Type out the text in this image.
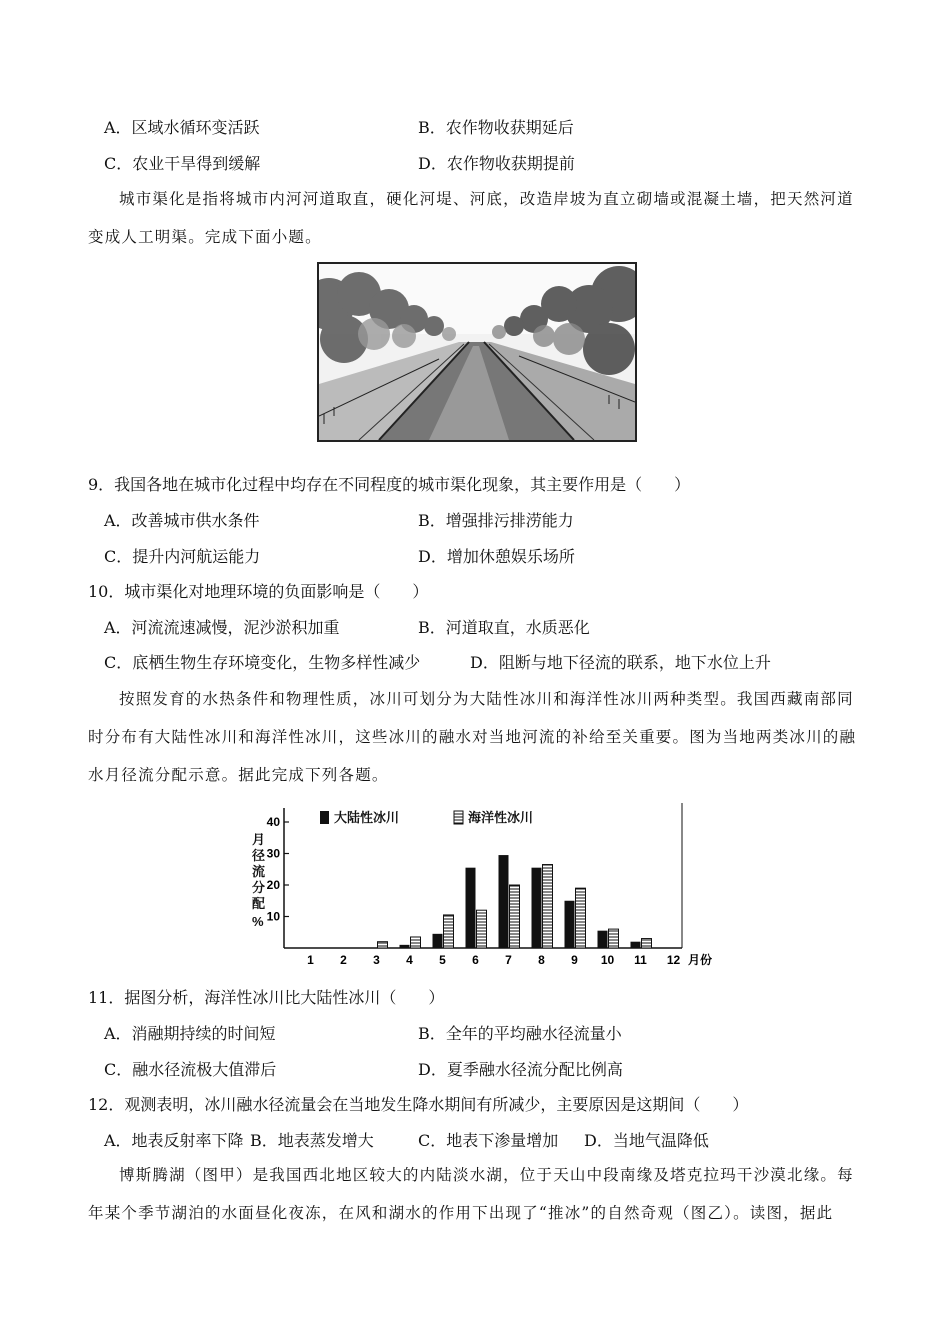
A．区域水循环变活跃	B．农作物收获期延后
C．农业干旱得到缓解	D．农作物收获期提前

城市渠化是指将城市内河河道取直，硬化河堤、河底，改造岸坡为直立砌墙或混凝土墙，把天然河道变成人工明渠。完成下面小题。

9．我国各地在城市化过程中均存在不同程度的城市渠化现象，其主要作用是（　　）
A．改善城市供水条件	B．增强排污排涝能力
C．提升内河航运能力	D．增加休憩娱乐场所
10．城市渠化对地理环境的负面影响是（　　）
A．河流流速减慢，泥沙淤积加重	B．河道取直，水质恶化
C．底栖生物生存环境变化，生物多样性减少	D．阻断与地下径流的联系，地下水位上升

按照发育的水热条件和物理性质，冰川可划分为大陆性冰川和海洋性冰川两种类型。我国西藏南部同时分布有大陆性冰川和海洋性冰川，这些冰川的融水对当地河流的补给至关重要。图为当地两类冰川的融水月径流分配示意。据此完成下列各题。

月
径
流
分
配
%
大陆性冰川	海洋性冰川
10
20
30
40
1 2 3 4 5 6 7 8 9 10 11 12 月份
11．据图分析，海洋性冰川比大陆性冰川（　　）
A．消融期持续的时间短	B．全年的平均融水径流量小
C．融水径流极大值滞后	D．夏季融水径流分配比例高
12．观测表明，冰川融水径流量会在当地发生降水期间有所减少，主要原因是这期间（　　）
A．地表反射率下降 B．地表蒸发增大	C．地表下渗量增加 D．当地气温降低

博斯腾湖（图甲）是我国西北地区较大的内陆淡水湖，位于天山中段南缘及塔克拉玛干沙漠北缘。每年某个季节湖泊的水面昼化夜冻，在风和湖水的作用下出现了“推冰”的自然奇观（图乙）。读图，据此
